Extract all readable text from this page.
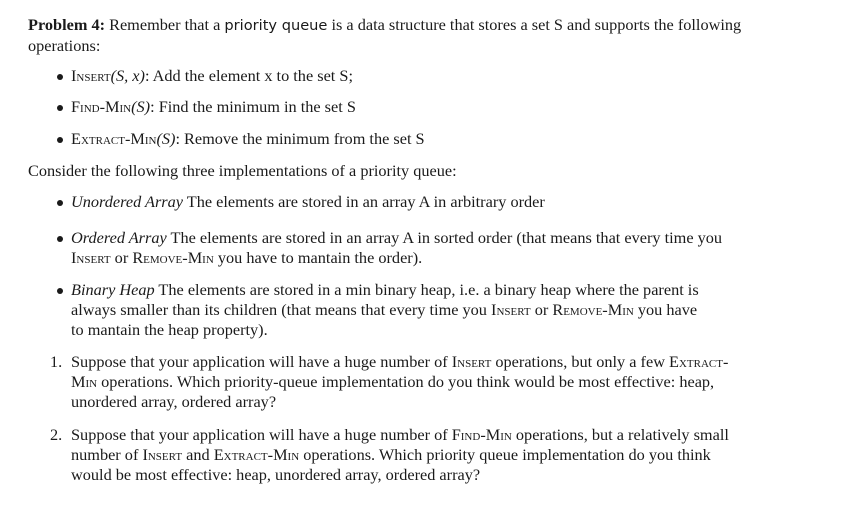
Problem 4: Remember that a priority queue is a data structure that stores a set S and supports the following
operations:
Insert(S, x): Add the element x to the set S;
Find-Min(S): Find the minimum in the set S
Extract-Min(S): Remove the minimum from the set S
Consider the following three implementations of a priority queue:
Unordered Array The elements are stored in an array A in arbitrary order
Ordered Array The elements are stored in an array A in sorted order (that means that every time you
Insert or Remove-Min you have to mantain the order).
Binary Heap The elements are stored in a min binary heap, i.e. a binary heap where the parent is
always smaller than its children (that means that every time you Insert or Remove-Min you have
to mantain the heap property).
1. Suppose that your application will have a huge number of Insert operations, but only a few Extract-
Min operations. Which priority-queue implementation do you think would be most effective: heap,
unordered array, ordered array?
2. Suppose that your application will have a huge number of Find-Min operations, but a relatively small
number of Insert and Extract-Min operations. Which priority queue implementation do you think
would be most effective: heap, unordered array, ordered array?
